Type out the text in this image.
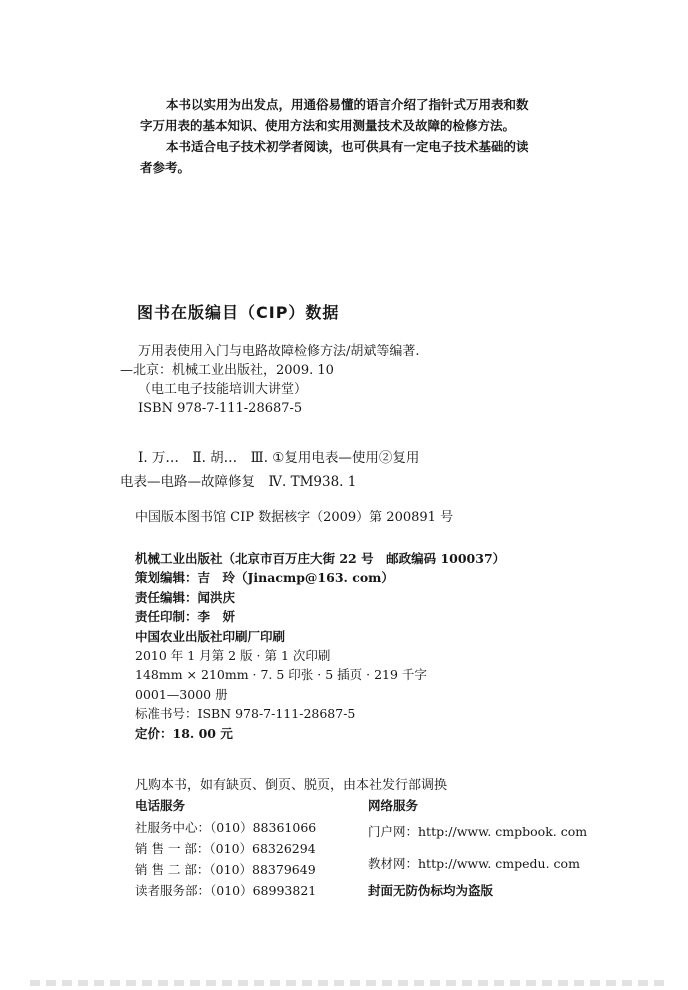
本书以实用为出发点，用通俗易懂的语言介绍了指针式万用表和数字万用表的基本知识、使用方法和实用测量技术及故障的检修方法。

本书适合电子技术初学者阅读，也可供具有一定电子技术基础的读者参考。

图书在版编目（CIP）数据
万用表使用入门与电路故障检修方法/胡斌等编著.
—北京：机械工业出版社，2009. 10
（电工电子技能培训大讲堂）
ISBN 978-7-111-28687-5
Ⅰ. 万…　Ⅱ. 胡…　Ⅲ. ①复用电表—使用②复用
电表—电路—故障修复　Ⅳ. TM938. 1
中国版本图书馆 CIP 数据核字（2009）第 200891 号
机械工业出版社（北京市百万庄大街 22 号　邮政编码 100037）
策划编辑：吉　玲（Jinacmp@163. com）
责任编辑：闻洪庆
责任印制：李　妍
中国农业出版社印刷厂印刷
2010 年 1 月第 2 版 · 第 1 次印刷
148mm × 210mm · 7. 5 印张 · 5 插页 · 219 千字
0001—3000 册
标准书号：ISBN 978-7-111-28687-5
定价：18. 00 元
凡购本书，如有缺页、倒页、脱页，由本社发行部调换
电话服务	网络服务
社服务中心：（010）88361066
销 售 一 部：（010）68326294
销 售 二 部：（010）88379649
读者服务部：（010）68993821
门户网：http://www. cmpbook. com
教材网：http://www. cmpedu. com
封面无防伪标均为盗版
